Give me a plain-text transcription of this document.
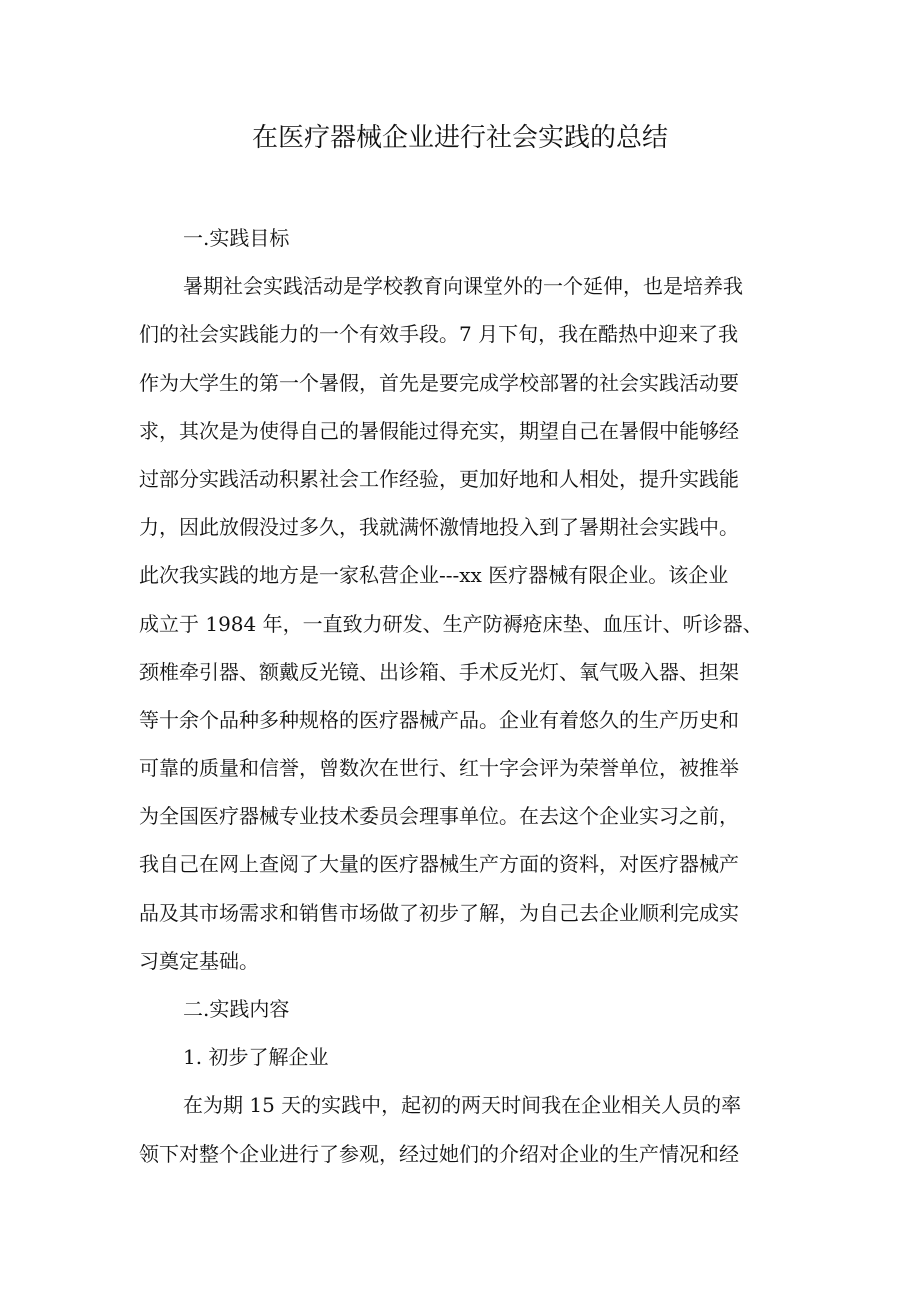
在医疗器械企业进行社会实践的总结
一.实践目标
暑期社会实践活动是学校教育向课堂外的一个延伸，也是培养我
们的社会实践能力的一个有效手段。7 月下旬，我在酷热中迎来了我
作为大学生的第一个暑假，首先是要完成学校部署的社会实践活动要
求，其次是为使得自己的暑假能过得充实，期望自己在暑假中能够经
过部分实践活动积累社会工作经验，更加好地和人相处，提升实践能
力，因此放假没过多久，我就满怀激情地投入到了暑期社会实践中。
此次我实践的地方是一家私营企业---xx 医疗器械有限企业。该企业
成立于 1984 年，一直致力研发、生产防褥疮床垫、血压计、听诊器、
颈椎牵引器、额戴反光镜、出诊箱、手术反光灯、氧气吸入器、担架
等十余个品种多种规格的医疗器械产品。企业有着悠久的生产历史和
可靠的质量和信誉，曾数次在世行、红十字会评为荣誉单位，被推举
为全国医疗器械专业技术委员会理事单位。在去这个企业实习之前，
我自己在网上查阅了大量的医疗器械生产方面的资料，对医疗器械产
品及其市场需求和销售市场做了初步了解，为自己去企业顺利完成实
习奠定基础。
二.实践内容
1. 初步了解企业
在为期 15 天的实践中，起初的两天时间我在企业相关人员的率
领下对整个企业进行了参观，经过她们的介绍对企业的生产情况和经
